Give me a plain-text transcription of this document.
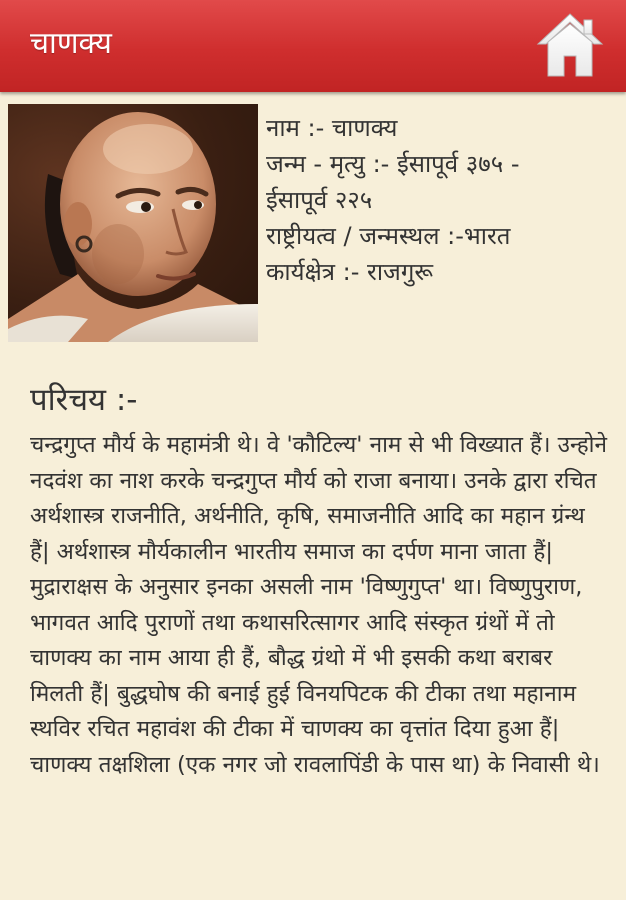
चाणक्य
नाम :- चाणक्य
जन्म - मृत्यु :- ईसापूर्व ३७५ -
ईसापूर्व २२५
राष्ट्रीयत्व / जन्मस्थल :-भारत
कार्यक्षेत्र :- राजगुरू
परिचय :-
चन्द्रगुप्त मौर्य के महामंत्री थे। वे 'कौटिल्य' नाम से भी विख्यात हैं। उन्होने नदवंश का नाश करके चन्द्रगुप्त मौर्य को राजा बनाया। उनके द्वारा रचित अर्थशास्त्र राजनीति, अर्थनीति, कृषि, समाजनीति आदि का महान ग्रंन्थ हैं| अर्थशास्त्र मौर्यकालीन भारतीय समाज का दर्पण माना जाता हैं| मुद्राराक्षस के अनुसार इनका असली नाम 'विष्णुगुप्त' था। विष्णुपुराण, भागवत आदि पुराणों तथा कथासरित्सागर आदि संस्कृत ग्रंथों में तो चाणक्य का नाम आया ही हैं, बौद्ध ग्रंथो में भी इसकी कथा बराबर मिलती हैं| बुद्धघोष की बनाई हुई विनयपिटक की टीका तथा महानाम स्थविर रचित महावंश की टीका में चाणक्य का वृत्तांत दिया हुआ हैं| चाणक्य तक्षशिला (एक नगर जो रावलापिंडी के पास था) के निवासी थे।
